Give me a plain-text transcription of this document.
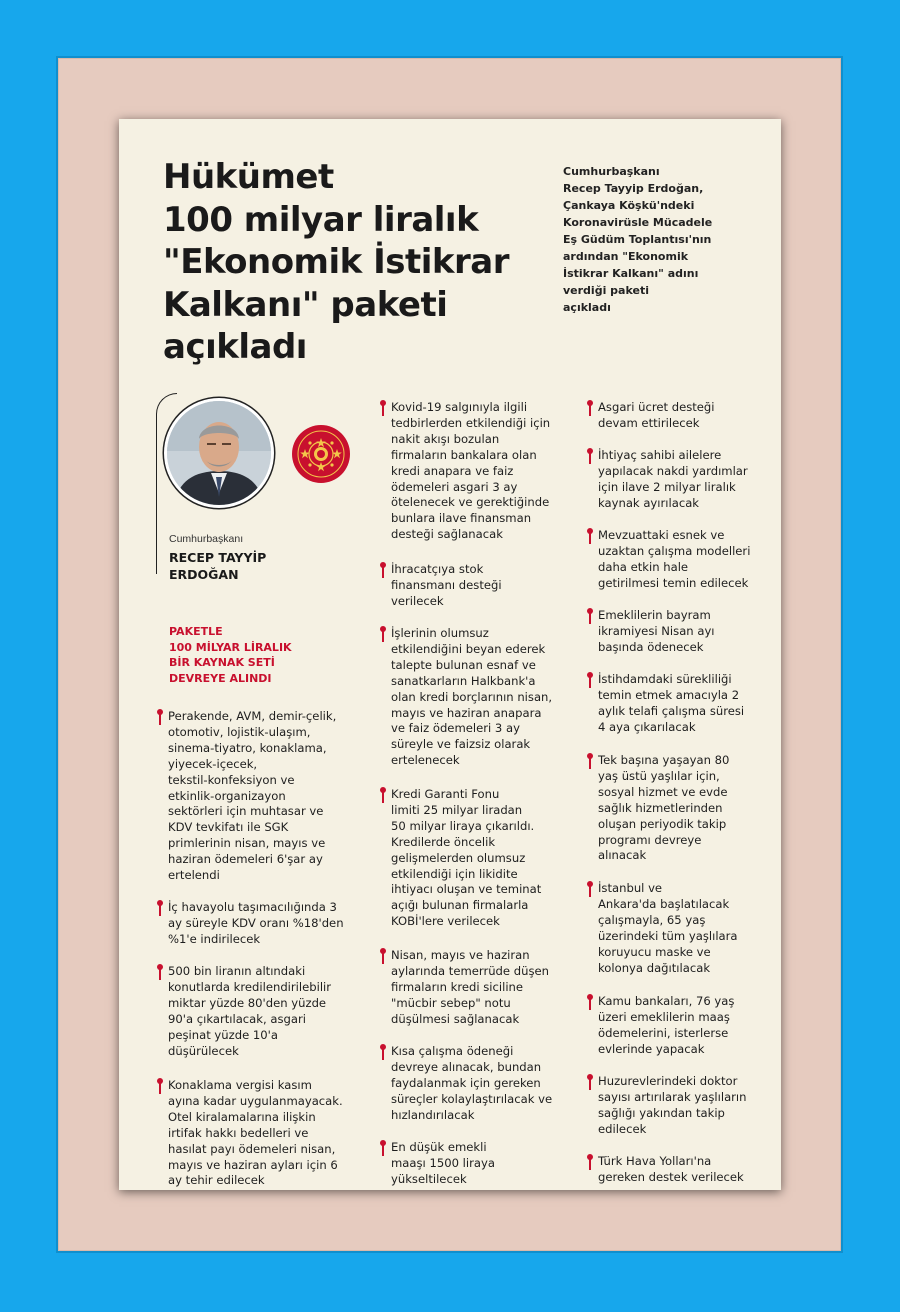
Hükümet
100 milyar liralık
"Ekonomik İstikrar
Kalkanı" paketi
açıkladı
Cumhurbaşkanı
Recep Tayyip Erdoğan,
Çankaya Köşkü'ndeki
Koronavirüsle Mücadele
Eş Güdüm Toplantısı'nın
ardından "Ekonomik
İstikrar Kalkanı" adını
verdiği paketi
açıkladı
Cumhurbaşkanı
RECEP TAYYİP
ERDOĞAN
PAKETLE
100 MİLYAR LİRALIK
BİR KAYNAK SETİ
DEVREYE ALINDI
Perakende, AVM, demir-çelik,
otomotiv, lojistik-ulaşım,
sinema-tiyatro, konaklama,
yiyecek-içecek,
tekstil-konfeksiyon ve
etkinlik-organizayon
sektörleri için muhtasar ve
KDV tevkifatı ile SGK
primlerinin nisan, mayıs ve
haziran ödemeleri 6'şar ay
ertelendi
İç havayolu taşımacılığında 3
ay süreyle KDV oranı %18'den
%1'e indirilecek
500 bin liranın altındaki
konutlarda kredilendirilebilir
miktar yüzde 80'den yüzde
90'a çıkartılacak, asgari
peşinat yüzde 10'a
düşürülecek
Konaklama vergisi kasım
ayına kadar uygulanmayacak.
Otel kiralamalarına ilişkin
irtifak hakkı bedelleri ve
hasılat payı ödemeleri nisan,
mayıs ve haziran ayları için 6
ay tehir edilecek
Kovid-19 salgınıyla ilgili
tedbirlerden etkilendiği için
nakit akışı bozulan
firmaların bankalara olan
kredi anapara ve faiz
ödemeleri asgari 3 ay
ötelenecek ve gerektiğinde
bunlara ilave finansman
desteği sağlanacak
İhracatçıya stok
finansmanı desteği
verilecek
İşlerinin olumsuz
etkilendiğini beyan ederek
talepte bulunan esnaf ve
sanatkarların Halkbank'a
olan kredi borçlarının nisan,
mayıs ve haziran anapara
ve faiz ödemeleri 3 ay
süreyle ve faizsiz olarak
ertelenecek
Kredi Garanti Fonu
limiti 25 milyar liradan
50 milyar liraya çıkarıldı.
Kredilerde öncelik
gelişmelerden olumsuz
etkilendiği için likidite
ihtiyacı oluşan ve teminat
açığı bulunan firmalarla
KOBİ'lere verilecek
Nisan, mayıs ve haziran
aylarında temerrüde düşen
firmaların kredi siciline
"mücbir sebep" notu
düşülmesi sağlanacak
Kısa çalışma ödeneği
devreye alınacak, bundan
faydalanmak için gereken
süreçler kolaylaştırılacak ve
hızlandırılacak
En düşük emekli
maaşı 1500 liraya
yükseltilecek
Asgari ücret desteği
devam ettirilecek
İhtiyaç sahibi ailelere
yapılacak nakdi yardımlar
için ilave 2 milyar liralık
kaynak ayırılacak
Mevzuattaki esnek ve
uzaktan çalışma modelleri
daha etkin hale
getirilmesi temin edilecek
Emeklilerin bayram
ikramiyesi Nisan ayı
başında ödenecek
İstihdamdaki sürekliliği
temin etmek amacıyla 2
aylık telafi çalışma süresi
4 aya çıkarılacak
Tek başına yaşayan 80
yaş üstü yaşlılar için,
sosyal hizmet ve evde
sağlık hizmetlerinden
oluşan periyodik takip
programı devreye
alınacak
İstanbul ve
Ankara'da başlatılacak
çalışmayla, 65 yaş
üzerindeki tüm yaşlılara
koruyucu maske ve
kolonya dağıtılacak
Kamu bankaları, 76 yaş
üzeri emeklilerin maaş
ödemelerini, isterlerse
evlerinde yapacak
Huzurevlerindeki doktor
sayısı artırılarak yaşlıların
sağlığı yakından takip
edilecek
Türk Hava Yolları'na
gereken destek verilecek
